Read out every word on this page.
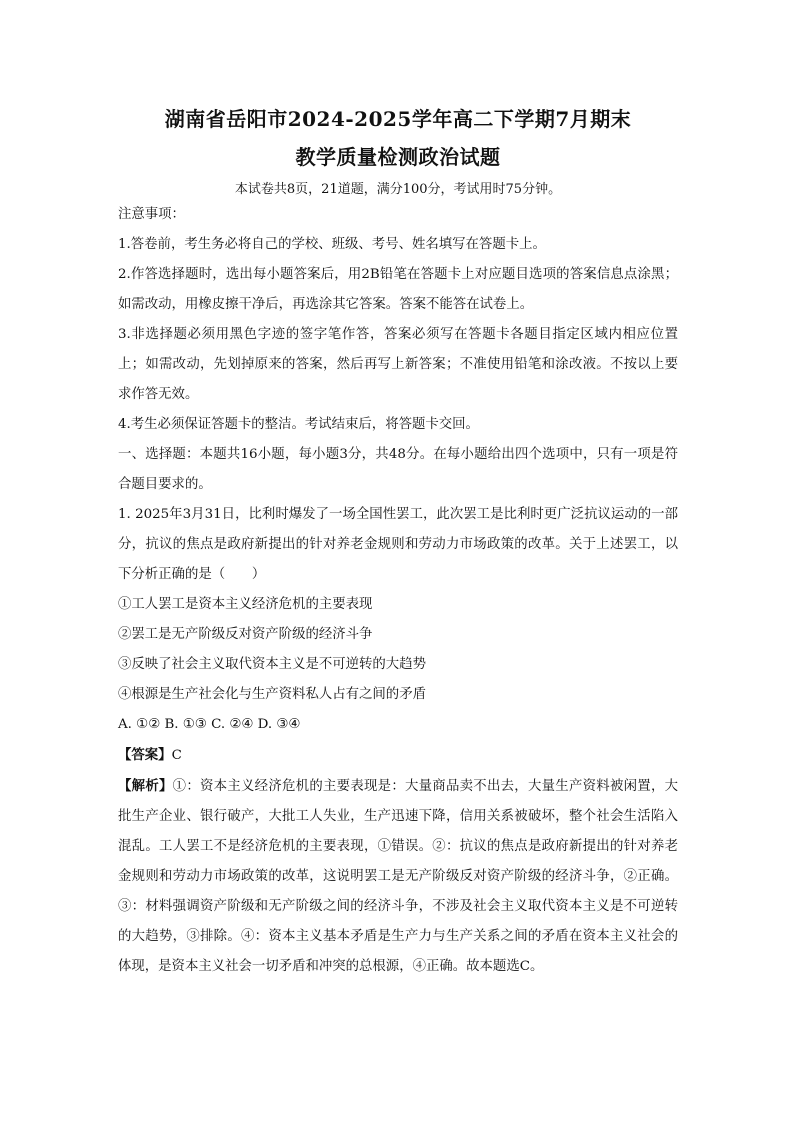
湖南省岳阳市2024-2025学年高二下学期7月期末
教学质量检测政治试题
本试卷共8页，21道题，满分100分，考试用时75分钟。

注意事项：

1.答卷前，考生务必将自己的学校、班级、考号、姓名填写在答题卡上。

2.作答选择题时，选出每小题答案后，用2B铅笔在答题卡上对应题目选项的答案信息点涂黑；如需改动，用橡皮擦干净后，再选涂其它答案。答案不能答在试卷上。

3.非选择题必须用黑色字迹的签字笔作答，答案必须写在答题卡各题目指定区域内相应位置上；如需改动，先划掉原来的答案，然后再写上新答案；不准使用铅笔和涂改液。不按以上要求作答无效。

4.考生必须保证答题卡的整洁。考试结束后，将答题卡交回。

一、选择题：本题共16小题，每小题3分，共48分。在每小题给出四个选项中，只有一项是符合题目要求的。

1. 2025年3月31日，比利时爆发了一场全国性罢工，此次罢工是比利时更广泛抗议运动的一部分，抗议的焦点是政府新提出的针对养老金规则和劳动力市场政策的改革。关于上述罢工，以下分析正确的是（　　）

①工人罢工是资本主义经济危机的主要表现

②罢工是无产阶级反对资产阶级的经济斗争

③反映了社会主义取代资本主义是不可逆转的大趋势

④根源是生产社会化与生产资料私人占有之间的矛盾

A. ①② B. ①③ C. ②④ D. ③④

【答案】C

【解析】①：资本主义经济危机的主要表现是：大量商品卖不出去，大量生产资料被闲置，大批生产企业、银行破产，大批工人失业，生产迅速下降，信用关系被破坏，整个社会生活陷入混乱。工人罢工不是经济危机的主要表现，①错误。②：抗议的焦点是政府新提出的针对养老金规则和劳动力市场政策的改革，这说明罢工是无产阶级反对资产阶级的经济斗争，②正确。③：材料强调资产阶级和无产阶级之间的经济斗争，不涉及社会主义取代资本主义是不可逆转的大趋势，③排除。④：资本主义基本矛盾是生产力与生产关系之间的矛盾在资本主义社会的体现，是资本主义社会一切矛盾和冲突的总根源，④正确。故本题选C。
